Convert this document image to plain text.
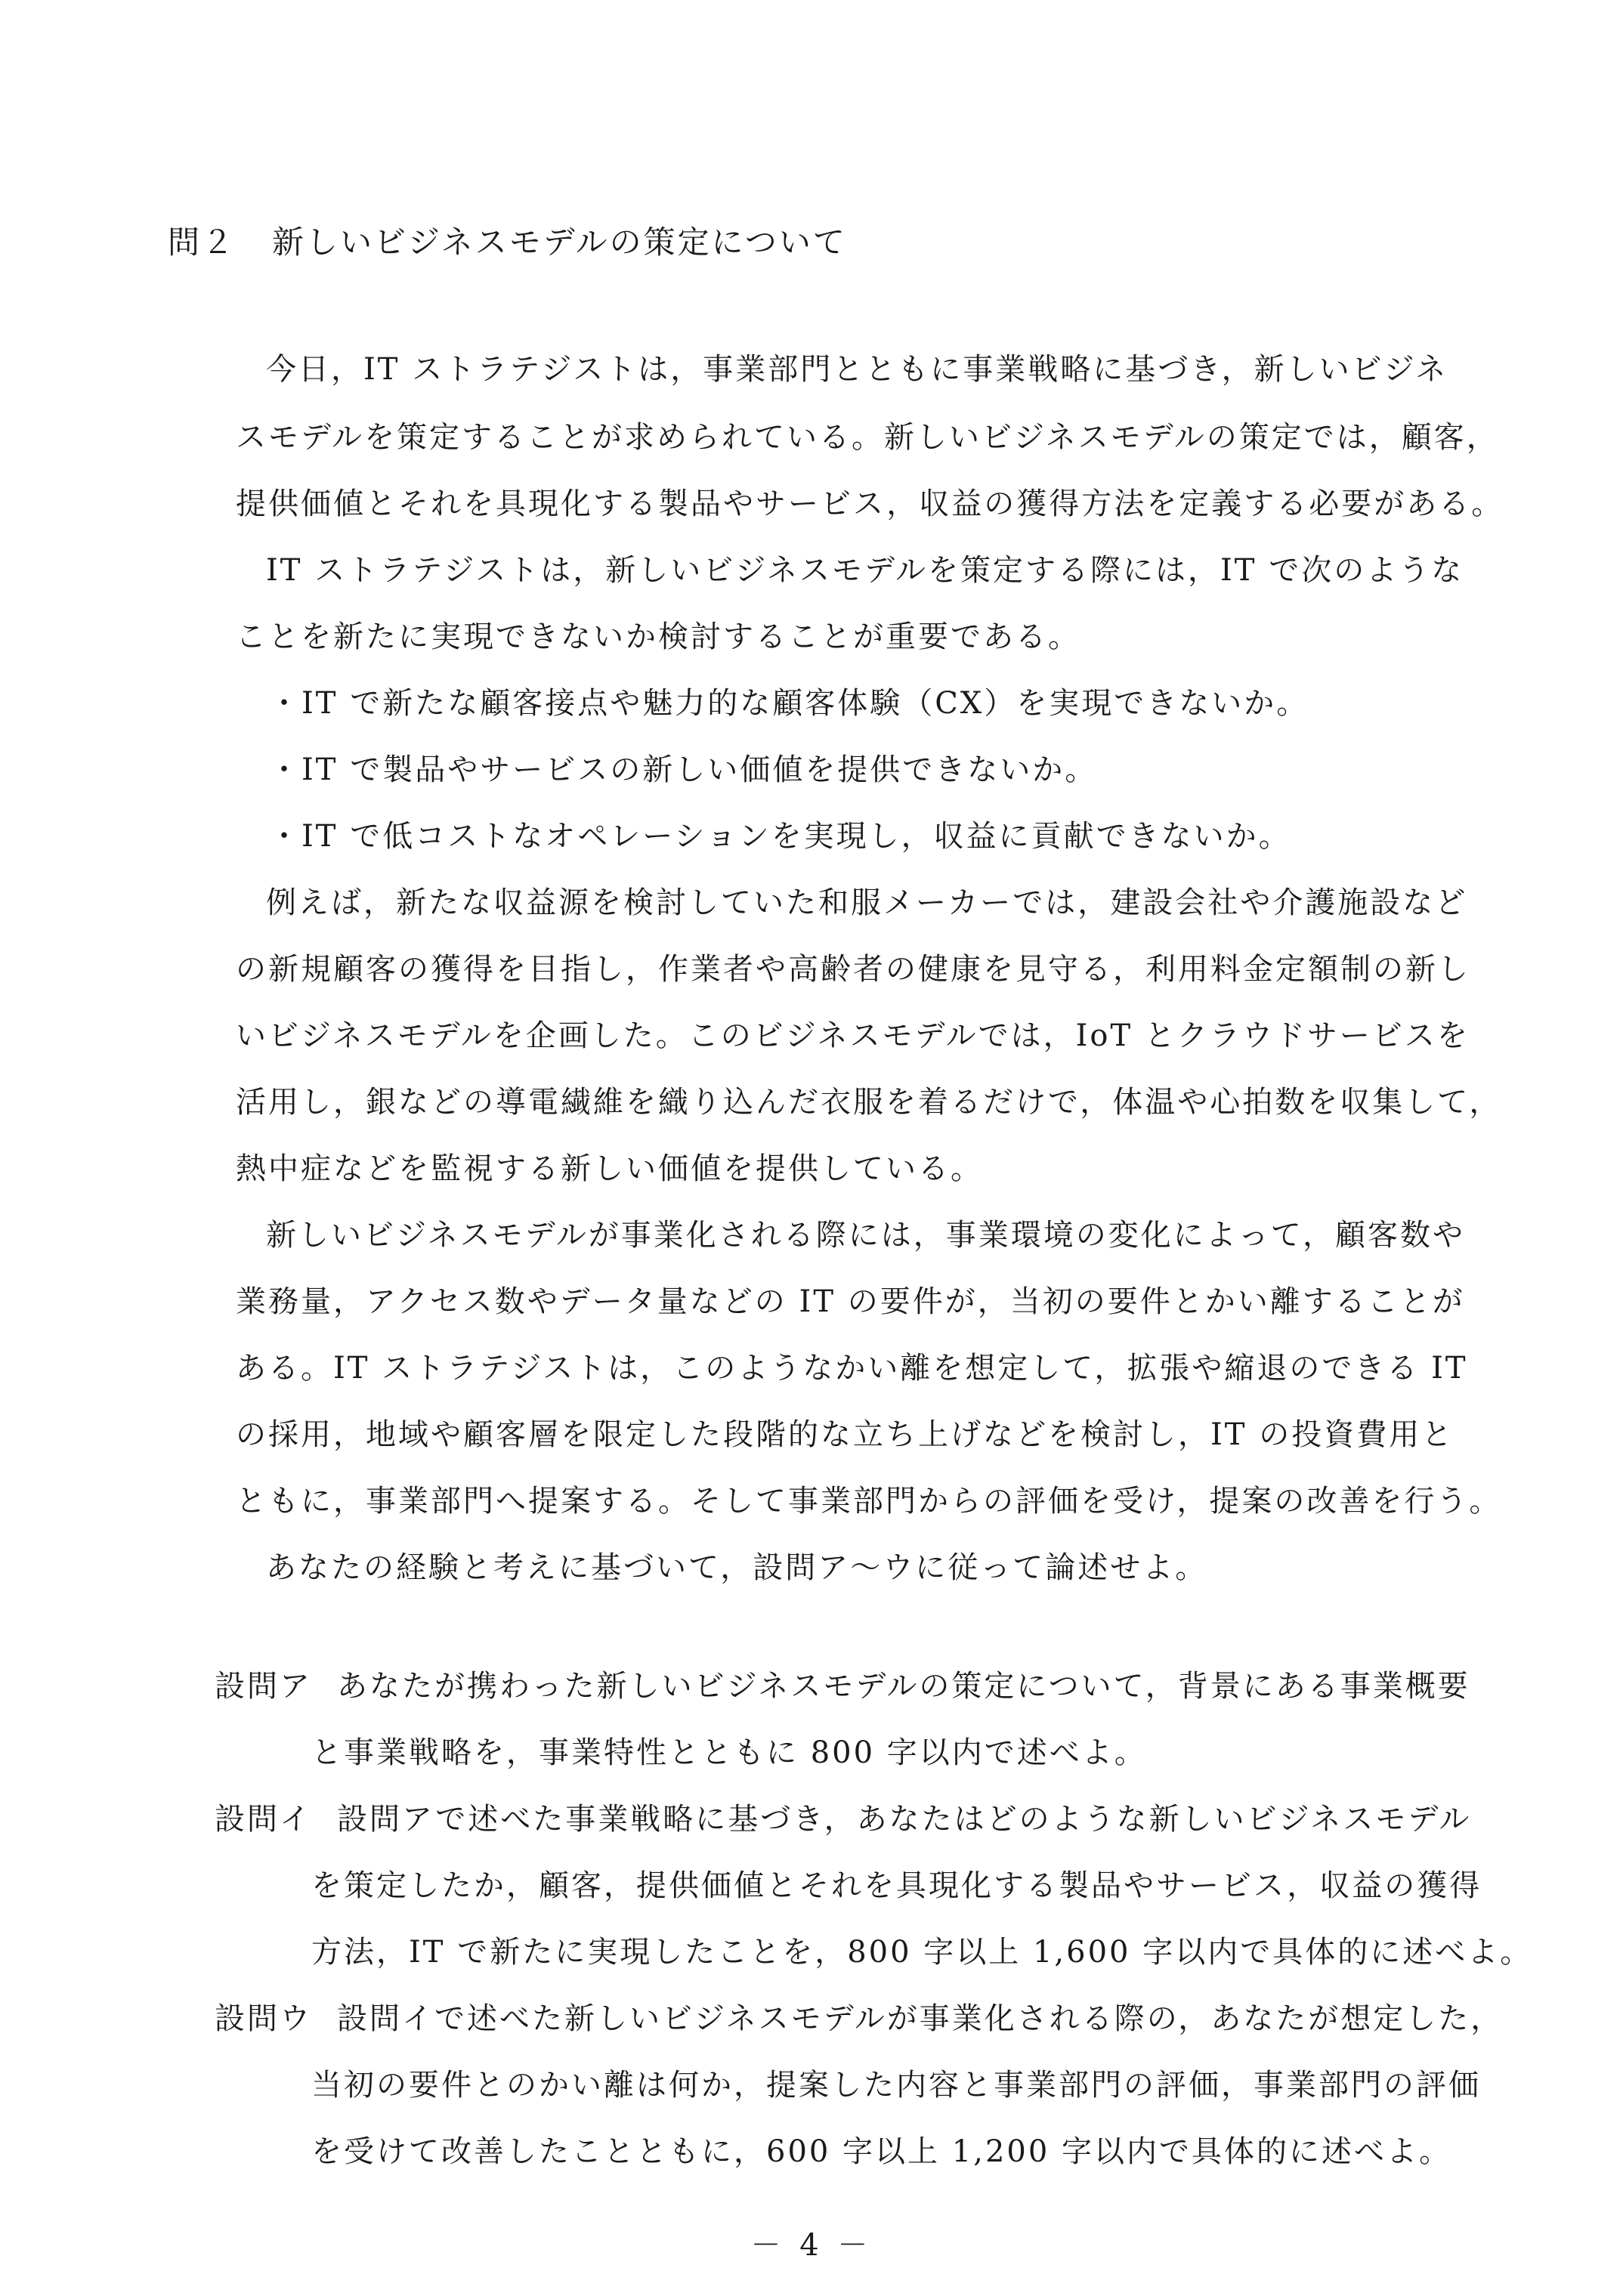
問２ 新しいビジネスモデルの策定について
今日，IT ストラテジストは，事業部門とともに事業戦略に基づき，新しいビジネ
スモデルを策定することが求められている。新しいビジネスモデルの策定では，顧客，
提供価値とそれを具現化する製品やサービス，収益の獲得方法を定義する必要がある。
IT ストラテジストは，新しいビジネスモデルを策定する際には，IT で次のような
ことを新たに実現できないか検討することが重要である。
・IT で新たな顧客接点や魅力的な顧客体験（CX）を実現できないか。
・IT で製品やサービスの新しい価値を提供できないか。
・IT で低コストなオペレーションを実現し，収益に貢献できないか。
例えば，新たな収益源を検討していた和服メーカーでは，建設会社や介護施設など
の新規顧客の獲得を目指し，作業者や高齢者の健康を見守る，利用料金定額制の新し
いビジネスモデルを企画した。このビジネスモデルでは，IoT とクラウドサービスを
活用し，銀などの導電繊維を織り込んだ衣服を着るだけで，体温や心拍数を収集して，
熱中症などを監視する新しい価値を提供している。
新しいビジネスモデルが事業化される際には，事業環境の変化によって，顧客数や
業務量，アクセス数やデータ量などの IT の要件が，当初の要件とかい離することが
ある。IT ストラテジストは，このようなかい離を想定して，拡張や縮退のできる IT
の採用，地域や顧客層を限定した段階的な立ち上げなどを検討し，IT の投資費用と
ともに，事業部門へ提案する。そして事業部門からの評価を受け，提案の改善を行う。
あなたの経験と考えに基づいて，設問ア～ウに従って論述せよ。
設問ア あなたが携わった新しいビジネスモデルの策定について，背景にある事業概要
と事業戦略を，事業特性とともに 800 字以内で述べよ。
設問イ 設問アで述べた事業戦略に基づき，あなたはどのような新しいビジネスモデル
を策定したか，顧客，提供価値とそれを具現化する製品やサービス，収益の獲得
方法，IT で新たに実現したことを，800 字以上 1,600 字以内で具体的に述べよ。
設問ウ 設問イで述べた新しいビジネスモデルが事業化される際の，あなたが想定した，
当初の要件とのかい離は何か，提案した内容と事業部門の評価，事業部門の評価
を受けて改善したことともに，600 字以上 1,200 字以内で具体的に述べよ。
－ 4 －
